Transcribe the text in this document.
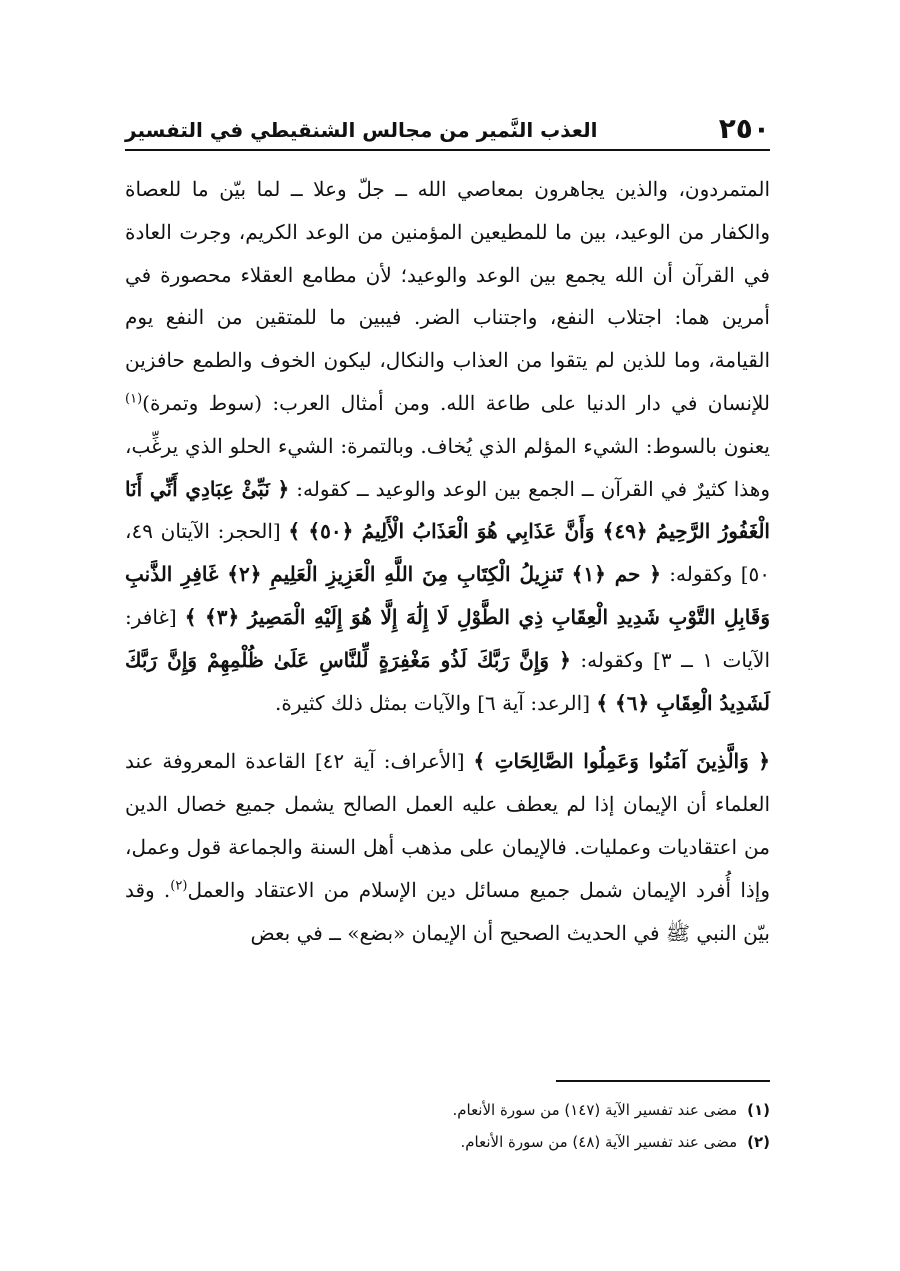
٢٥٠
العذب النَّمير من مجالس الشنقيطي في التفسير

المتمردون، والذين يجاهرون بمعاصي الله ــ جلّ وعلا ــ لما بيّن ما للعصاة والكفار من الوعيد، بين ما للمطيعين المؤمنين من الوعد الكريم، وجرت العادة في القرآن أن الله يجمع بين الوعد والوعيد؛ لأن مطامع العقلاء محصورة في أمرين هما: اجتلاب النفع، واجتناب الضر. فيبين ما للمتقين من النفع يوم القيامة، وما للذين لم يتقوا من العذاب والنكال، ليكون الخوف والطمع حافزين للإنسان في دار الدنيا على طاعة الله. ومن أمثال العرب: (سوط وتمرة)$^{(١)}$ يعنون بالسوط: الشيء المؤلم الذي يُخاف. وبالتمرة: الشيء الحلو الذي يرغِّب، وهذا كثيرٌ في القرآن ــ الجمع بين الوعد والوعيد ــ كقوله: ﴿ نَبِّئْ عِبَادِي أَنِّي أَنَا الْغَفُورُ الرَّحِيمُ ﴿٤٩﴾ وَأَنَّ عَذَابِي هُوَ الْعَذَابُ الْأَلِيمُ ﴿٥٠﴾ ﴾ [الحجر: الآيتان ٤٩، ٥٠] وكقوله: ﴿ حم ﴿١﴾ تَنزِيلُ الْكِتَابِ مِنَ اللَّهِ الْعَزِيزِ الْعَلِيمِ ﴿٢﴾ غَافِرِ الذَّنبِ وَقَابِلِ التَّوْبِ شَدِيدِ الْعِقَابِ ذِي الطَّوْلِ لَا إِلَٰهَ إِلَّا هُوَ إِلَيْهِ الْمَصِيرُ ﴿٣﴾ ﴾ [غافر: الآيات ١ ــ ٣] وكقوله: ﴿ وَإِنَّ رَبَّكَ لَذُو مَغْفِرَةٍ لِّلنَّاسِ عَلَىٰ ظُلْمِهِمْ وَإِنَّ رَبَّكَ لَشَدِيدُ الْعِقَابِ ﴿٦﴾ ﴾ [الرعد: آية ٦] والآيات بمثل ذلك كثيرة.

﴿ وَالَّذِينَ آمَنُوا وَعَمِلُوا الصَّالِحَاتِ ﴾ [الأعراف: آية ٤٢] القاعدة المعروفة عند العلماء أن الإيمان إذا لم يعطف عليه العمل الصالح يشمل جميع خصال الدين من اعتقاديات وعمليات. فالإيمان على مذهب أهل السنة والجماعة قول وعمل، وإذا أُفرد الإيمان شمل جميع مسائل دين الإسلام من الاعتقاد والعمل$^{(٢)}$. وقد بيّن النبي ﷺ في الحديث الصحيح أن الإيمان «بضع» ــ في بعض

(١)مضى عند تفسير الآية (١٤٧) من سورة الأنعام.

(٢)مضى عند تفسير الآية (٤٨) من سورة الأنعام.
